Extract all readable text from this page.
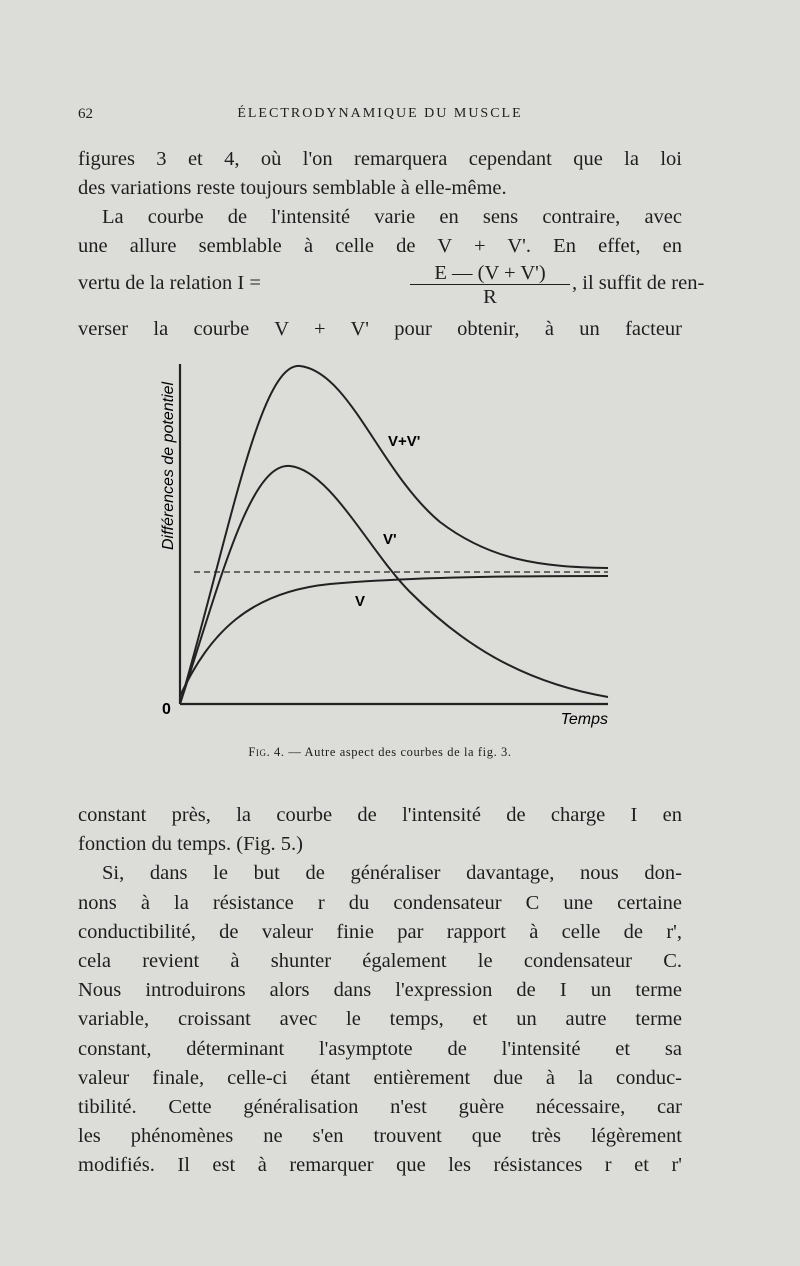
62	ÉLECTRODYNAMIQUE DU MUSCLE
figures 3 et 4, où l'on remarquera cependant que la loi
des variations reste toujours semblable à elle-même.
La courbe de l'intensité varie en sens contraire, avec
une allure semblable à celle de V + V'. En effet, en
vertu de la relation I =	$\frac{E — (V + V')}{R}$ , il suffit de ren-
verser la courbe V + V' pour obtenir, à un facteur
Différences de potentiel
0
Temps
V+V'
V'
V
Fig. 4. — Autre aspect des courbes de la fig. 3.
constant près, la courbe de l'intensité de charge I en
fonction du temps. (Fig. 5.)
Si, dans le but de généraliser davantage, nous don-
nons à la résistance r du condensateur C une certaine
conductibilité, de valeur finie par rapport à celle de r',
cela revient à shunter également le condensateur C.
Nous introduirons alors dans l'expression de I un terme
variable, croissant avec le temps, et un autre terme
constant, déterminant l'asymptote de l'intensité et sa
valeur finale, celle-ci étant entièrement due à la conduc-
tibilité. Cette généralisation n'est guère nécessaire, car
les phénomènes ne s'en trouvent que très légèrement
modifiés. Il est à remarquer que les résistances r et r'
